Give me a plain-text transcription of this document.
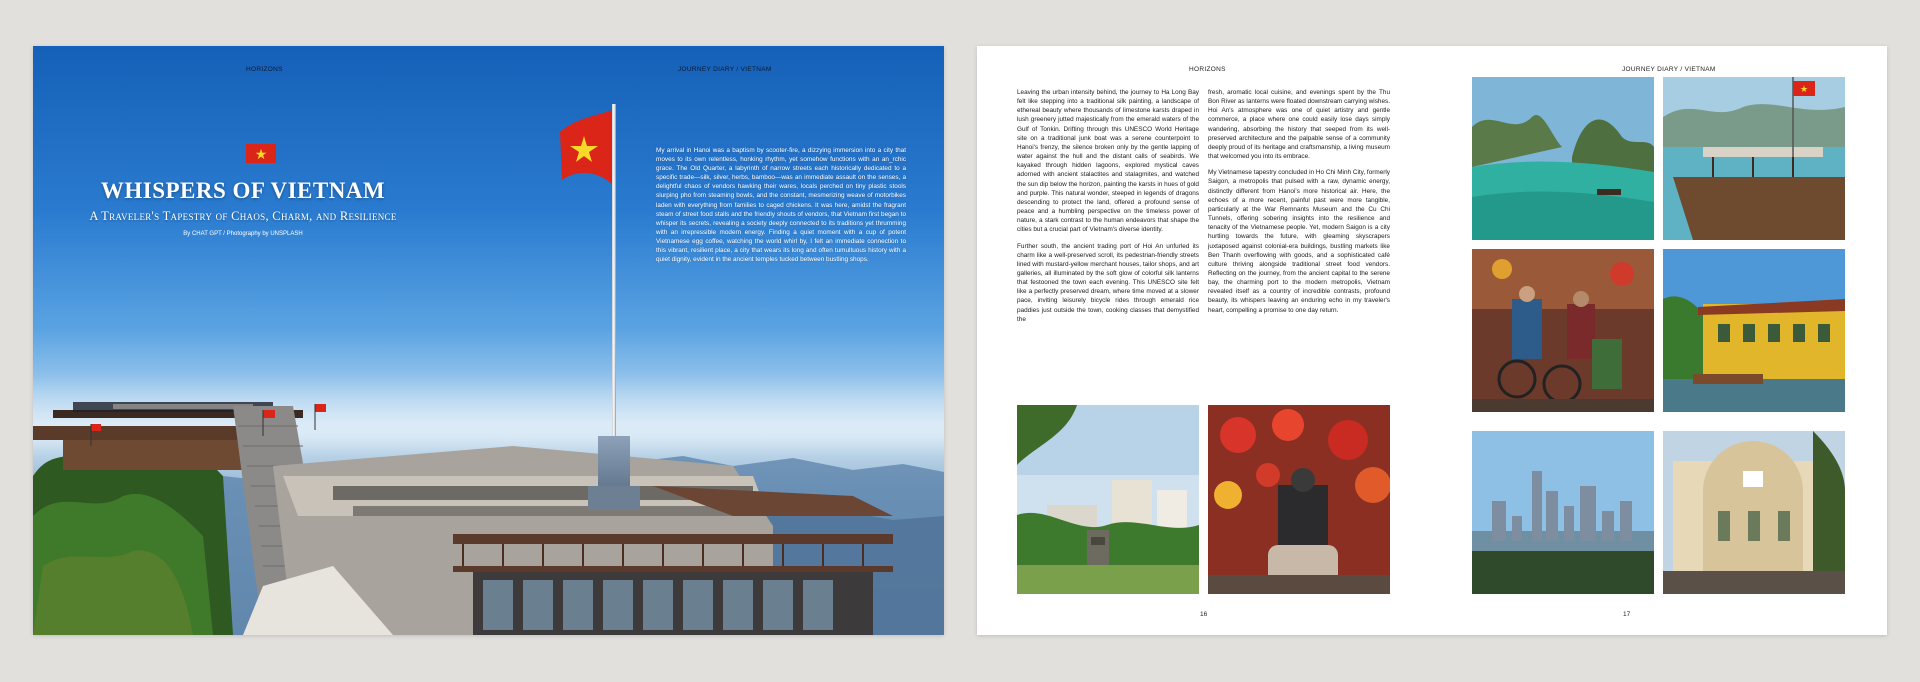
HORIZONS	JOURNEY DIARY / VIETNAM
★
WHISPERS OF VIETNAM
A Traveler's Tapestry of Chaos, Charm, and Resilience
By CHAT GPT / Photography by UNSPLASH
My arrival in Hanoi was a baptism by scooter-fire, a dizzying immersion into a city that moves to its own relentless, honking rhythm, yet somehow functions with an an_rchic grace. The Old Quarter, a labyrinth of narrow streets each historically dedicated to a specific trade—silk, silver, herbs, bamboo—was an immediate assault on the senses, a delightful chaos of vendors hawking their wares, locals perched on tiny plastic stools slurping pho from steaming bowls, and the constant, mesmerizing weave of motorbikes laden with everything from families to caged chickens. It was here, amidst the fragrant steam of street food stalls and the friendly shouts of vendors, that Vietnam first began to whisper its secrets, revealing a society deeply connected to its traditions yet thrumming with an irrepressible modern energy. Finding a quiet moment with a cup of potent Vietnamese egg coffee, watching the world whirl by, I felt an immediate connection to this vibrant, resilient place, a city that wears its long and often tumultuous history with a quiet dignity, evident in the ancient temples tucked between bustling shops.
HORIZONS	JOURNEY DIARY / VIETNAM

Leaving the urban intensity behind, the journey to Ha Long Bay felt like stepping into a traditional silk painting, a landscape of ethereal beauty where thousands of limestone karsts draped in lush greenery jutted majestically from the emerald waters of the Gulf of Tonkin. Drifting through this UNESCO World Heritage site on a traditional junk boat was a serene counterpoint to Hanoi's frenzy, the silence broken only by the gentle lapping of water against the hull and the distant calls of seabirds. We kayaked through hidden lagoons, explored mystical caves adorned with ancient stalactites and stalagmites, and watched the sun dip below the horizon, painting the karsts in hues of gold and purple. This natural wonder, steeped in legends of dragons descending to protect the land, offered a profound sense of peace and a humbling perspective on the timeless power of nature, a stark contrast to the human endeavors that shape the cities but a crucial part of Vietnam's diverse identity.

Further south, the ancient trading port of Hoi An unfurled its charm like a well-preserved scroll, its pedestrian-friendly streets lined with mustard-yellow merchant houses, tailor shops, and art galleries, all illuminated by the soft glow of colorful silk lanterns that festooned the town each evening. This UNESCO site felt like a perfectly preserved dream, where time moved at a slower pace, inviting leisurely bicycle rides through emerald rice paddies just outside the town, cooking classes that demystified the

fresh, aromatic local cuisine, and evenings spent by the Thu Bon River as lanterns were floated downstream carrying wishes. Hoi An's atmosphere was one of quiet artistry and gentle commerce, a place where one could easily lose days simply wandering, absorbing the history that seeped from its well-preserved architecture and the palpable sense of a community deeply proud of its heritage and craftsmanship, a living museum that welcomed you into its embrace.

My Vietnamese tapestry concluded in Ho Chi Minh City, formerly Saigon, a metropolis that pulsed with a raw, dynamic energy, distinctly different from Hanoi's more historical air. Here, the echoes of a more recent, painful past were more tangible, particularly at the War Remnants Museum and the Cu Chi Tunnels, offering sobering insights into the resilience and tenacity of the Vietnamese people. Yet, modern Saigon is a city hurtling towards the future, with gleaming skyscrapers juxtaposed against colonial-era buildings, bustling markets like Ben Thanh overflowing with goods, and a sophisticated café culture thriving alongside traditional street food vendors. Reflecting on the journey, from the ancient capital to the serene bay, the charming port to the modern metropolis, Vietnam revealed itself as a country of incredible contrasts, profound beauty, its whispers leaving an enduring echo in my traveler's heart, compelling a promise to one day return.

★
16	17
